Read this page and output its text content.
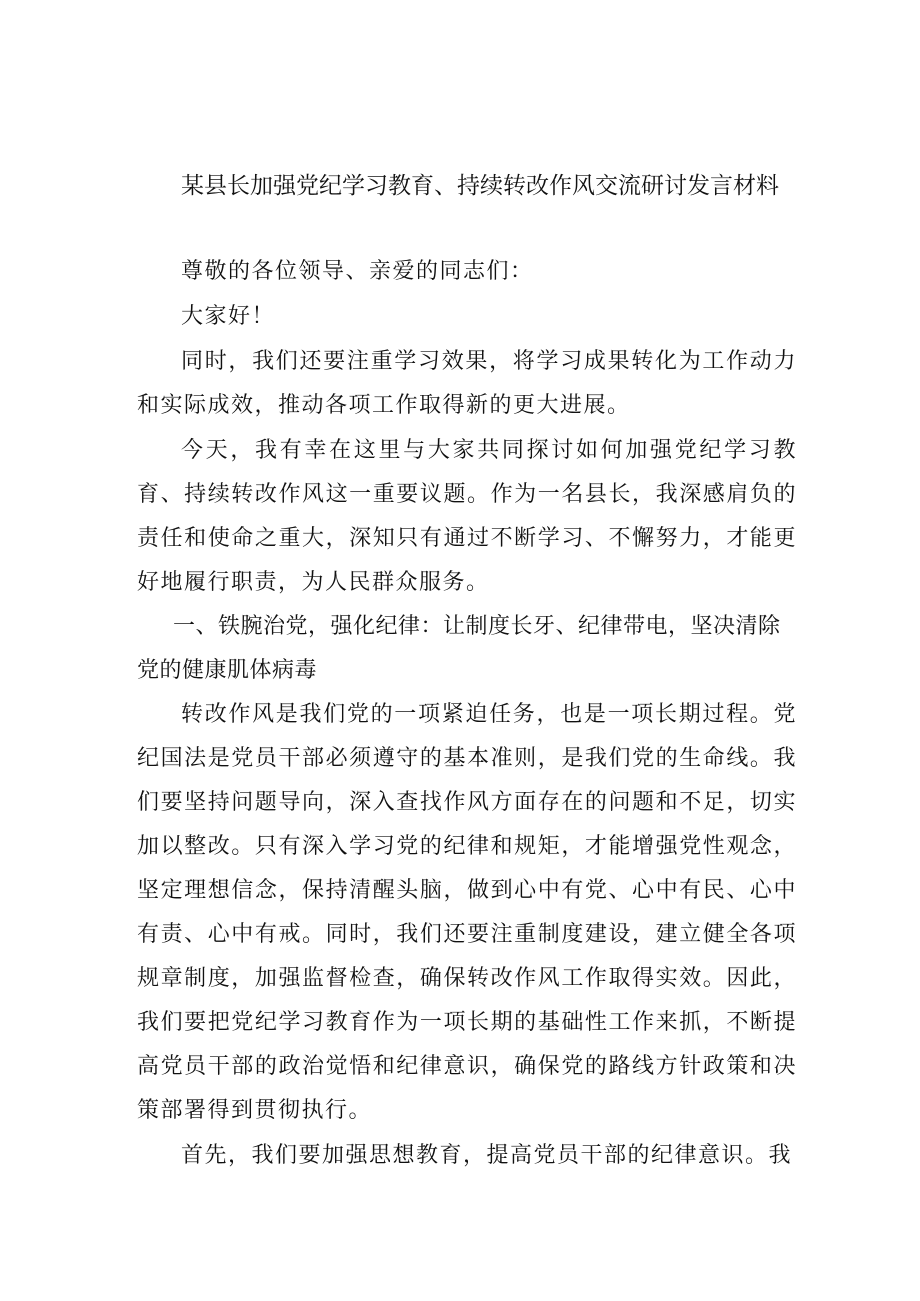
某县长加强党纪学习教育、持续转改作风交流研讨发言材料

尊敬的各位领导、亲爱的同志们：

大家好！

同时，我们还要注重学习效果，将学习成果转化为工作动力和实际成效，推动各项工作取得新的更大进展。

今天，我有幸在这里与大家共同探讨如何加强党纪学习教育、持续转改作风这一重要议题。作为一名县长，我深感肩负的责任和使命之重大，深知只有通过不断学习、不懈努力，才能更好地履行职责，为人民群众服务。

一、铁腕治党，强化纪律：让制度长牙、纪律带电，坚决清除党的健康肌体病毒

转改作风是我们党的一项紧迫任务，也是一项长期过程。党纪国法是党员干部必须遵守的基本准则，是我们党的生命线。我们要坚持问题导向，深入查找作风方面存在的问题和不足，切实加以整改。只有深入学习党的纪律和规矩，才能增强党性观念，坚定理想信念，保持清醒头脑，做到心中有党、心中有民、心中有责、心中有戒。同时，我们还要注重制度建设，建立健全各项规章制度，加强监督检查，确保转改作风工作取得实效。因此，我们要把党纪学习教育作为一项长期的基础性工作来抓，不断提高党员干部的政治觉悟和纪律意识，确保党的路线方针政策和决策部署得到贯彻执行。

首先，我们要加强思想教育，提高党员干部的纪律意识。我
